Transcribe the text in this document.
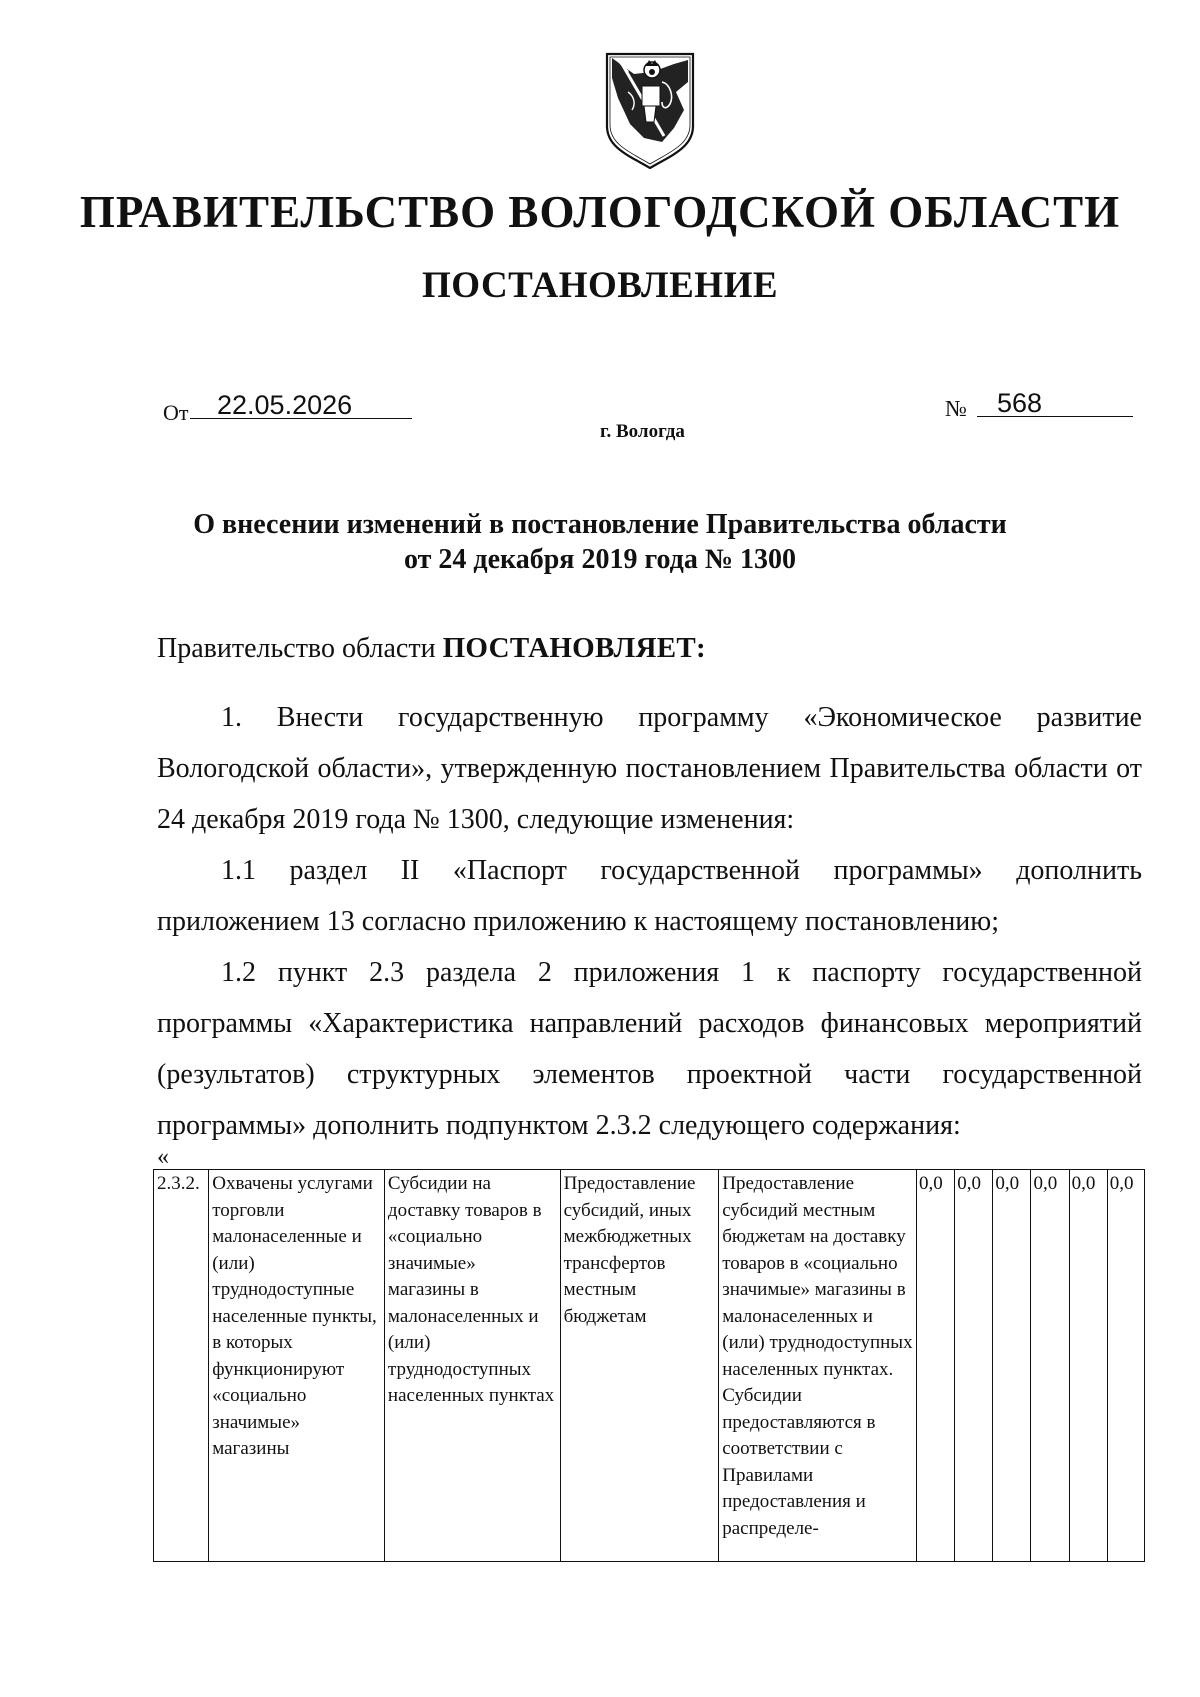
ПРАВИТЕЛЬСТВО ВОЛОГОДСКОЙ ОБЛАСТИ
ПОСТАНОВЛЕНИЕ
От 22.05.2026	№ 568
г. Вологда
О внесении изменений в постановление Правительства области
от 24 декабря 2019 года № 1300
Правительство области ПОСТАНОВЛЯЕТ:
1. Внести государственную программу «Экономическое развитие Вологодской области», утвержденную постановлением Правительства области от 24 декабря 2019 года № 1300, следующие изменения:
1.1 раздел II «Паспорт государственной программы» дополнить приложением 13 согласно приложению к настоящему постановлению;
1.2 пункт 2.3 раздела 2 приложения 1 к паспорту государственной программы «Характеристика направлений расходов финансовых мероприятий (результатов) структурных элементов проектной части государственной программы» дополнить подпунктом 2.3.2 следующего содержания:
«
2.3.2.	Охвачены услугами торговли малонаселенные и (или) труднодоступные населенные пункты, в которых функционируют «социально значимые» магазины	Субсидии на доставку товаров в «социально значимые» магазины в малонаселенных и (или) труднодоступных населенных пунктах	Предоставление субсидий, иных межбюджетных трансфертов местным бюджетам	Предоставление субсидий местным бюджетам на доставку товаров в «социально значимые» магазины в малонаселенных и (или) труднодоступных населенных пунктах. Субсидии предоставляются в соответствии с Правилами предоставления и распределе-	0,0	0,0	0,0	0,0	0,0	0,0
